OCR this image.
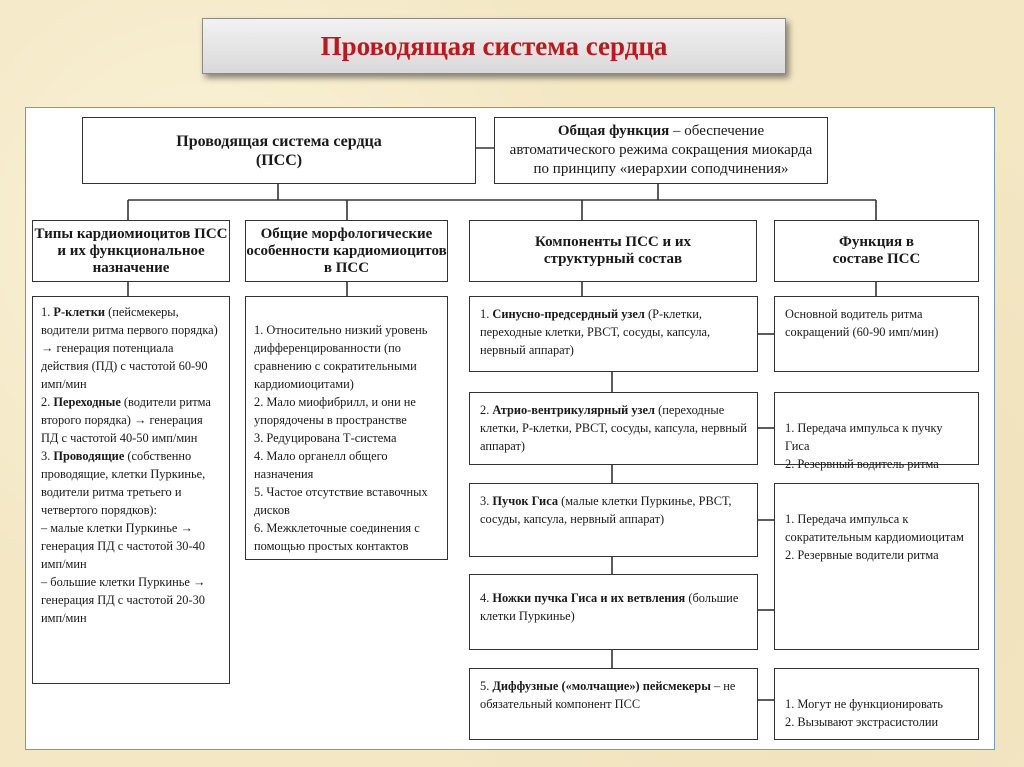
Проводящая система сердца
Проводящая система сердца
(ПСС)
Общая функция – обеспечение автоматического режима сокращения миокарда по принципу «иерархии соподчинения»
Типы кардиомиоцитов ПСС и их функциональное назначение
Общие морфологические особенности кардиомиоцитов в ПСС
Компоненты ПСС и их структурный состав
Функция в составе ПСС
1. Р-клетки (пейсмекеры, водители ритма первого порядка) → генерация потенциала действия (ПД) с частотой 60-90 имп/мин
2. Переходные (водители ритма второго порядка) → генерация ПД с частотой 40-50 имп/мин
3. Проводящие (собственно проводящие, клетки Пуркинье, водители ритма третьего и четвертого порядков):
– малые клетки Пуркинье → генерация ПД с частотой 30-40 имп/мин
– большие клетки Пуркинье → генерация ПД с частотой 20-30 имп/мин

1. Относительно низкий уровень дифференцированности (по сравнению с сократительными кардиомиоцитами)
2. Мало миофибрилл, и они не упорядочены в пространстве
3. Редуцирована Т-система
4. Мало органелл общего назначения
5. Частое отсутствие вставочных дисков
6. Межклеточные соединения с помощью простых контактов

1. Синусно-предсердный узел (Р-клетки, переходные клетки, РВСТ, сосуды, капсула, нервный аппарат)
2. Атрио-вентрикулярный узел (переходные клетки, Р-клетки, РВСТ, сосуды, капсула, нервный аппарат)
3. Пучок Гиса (малые клетки Пуркинье, РВСТ, сосуды, капсула, нервный аппарат)
4. Ножки пучка Гиса и их ветвления (большие клетки Пуркинье)
5. Диффузные («молчащие») пейсмекеры – не обязательный компонент ПСС
Основной водитель ритма сокращений (60-90 имп/мин)

1. Передача импульса к пучку Гиса
2. Резервный водитель ритма

1. Передача импульса к сократительным кардиомиоцитам
2. Резервные водители ритма

1. Могут не функционировать
2. Вызывают экстрасистолии
